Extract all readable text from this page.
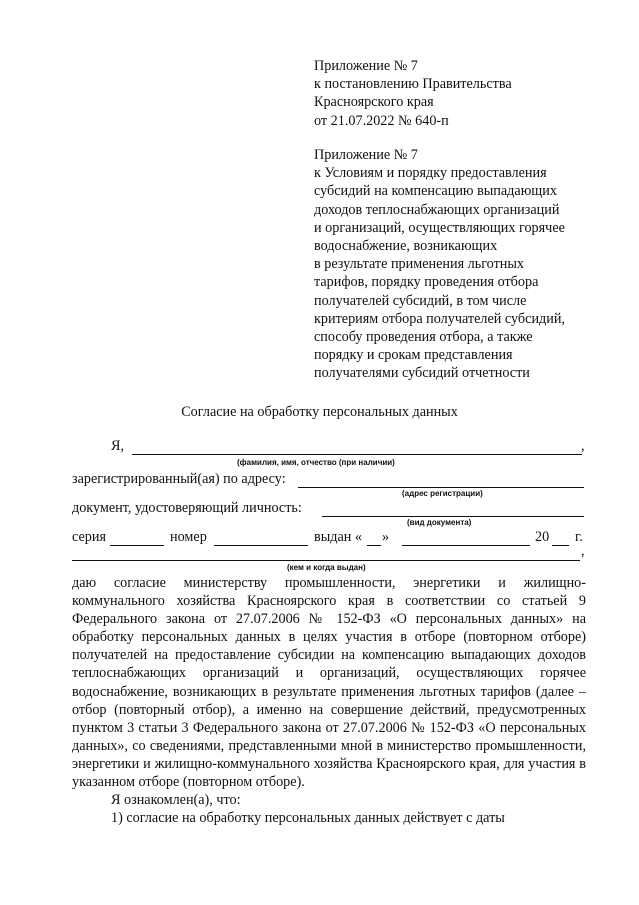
Приложение № 7
к постановлению Правительства
Красноярского края
от 21.07.2022 № 640-п
Приложение № 7
к Условиям и порядку предоставления
субсидий на компенсацию выпадающих
доходов теплоснабжающих организаций
и организаций, осуществляющих горячее
водоснабжение, возникающих
в результате применения льготных
тарифов, порядку проведения отбора
получателей субсидий, в том числе
критериям отбора получателей субсидий,
способу проведения отбора, а также
порядку и срокам представления
получателями субсидий отчетности
Согласие на обработку персональных данных
Я,	,
(фамилия, имя, отчество (при наличии)
зарегистрированный(ая) по адресу:
(адрес регистрации)
документ, удостоверяющий личность:
(вид документа)
серия	номер	выдан « »	20 г.
,
(кем и когда выдан)

даю согласие министерству промышленности, энергетики и жилищно-коммунального хозяйства Красноярского края в соответствии со статьей 9 Федерального закона от 27.07.2006 № 152-ФЗ «О персональных данных» на обработку персональных данных в целях участия в отборе (повторном отборе) получателей на предоставление субсидии на компенсацию выпадающих доходов теплоснабжающих организаций и организаций, осуществляющих горячее водоснабжение, возникающих в результате применения льготных тарифов (далее – отбор (повторный отбор), а именно на совершение действий, предусмотренных пунктом 3 статьи 3 Федерального закона от 27.07.2006 № 152-ФЗ «О персональных данных», со сведениями, представленными мной в министерство промышленности, энергетики и жилищно-коммунального хозяйства Красноярского края, для участия в указанном отборе (повторном отборе).

Я ознакомлен(а), что:

1) согласие на обработку персональных данных действует с даты
